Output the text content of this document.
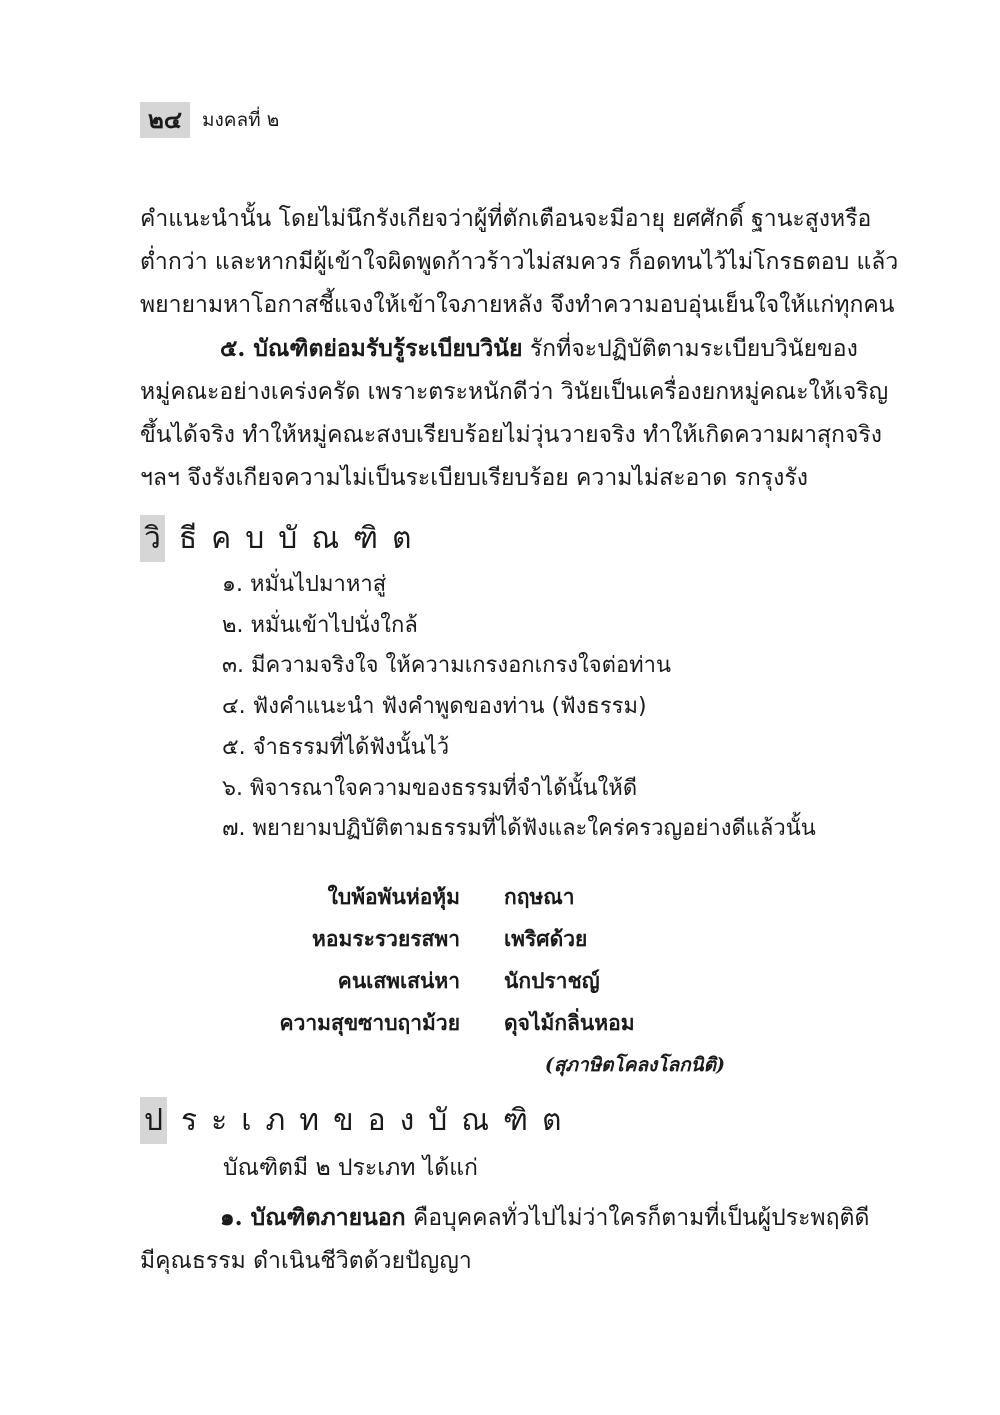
๒๔	มงคลที่ ๒

คำแนะนำนั้น โดยไม่นึกรังเกียจว่าผู้ที่ตักเตือนจะมีอายุ ยศศักดิ์ ฐานะสูงหรือ
ต่ำกว่า และหากมีผู้เข้าใจผิดพูดก้าวร้าวไม่สมควร ก็อดทนไว้ไม่โกรธตอบ แล้ว
พยายามหาโอกาสชี้แจงให้เข้าใจภายหลัง จึงทำความอบอุ่นเย็นใจให้แก่ทุกคน

๕. บัณฑิตย่อมรับรู้ระเบียบวินัย รักที่จะปฏิบัติตามระเบียบวินัยของ
หมู่คณะอย่างเคร่งครัด เพราะตระหนักดีว่า วินัยเป็นเครื่องยกหมู่คณะให้เจริญ
ขึ้นได้จริง ทำให้หมู่คณะสงบเรียบร้อยไม่วุ่นวายจริง ทำให้เกิดความผาสุกจริง
ฯลฯ จึงรังเกียจความไม่เป็นระเบียบเรียบร้อย ความไม่สะอาด รกรุงรัง

วิ ธีคบบัณฑิต
๑. หมั่นไปมาหาสู่
๒. หมั่นเข้าไปนั่งใกล้
๓. มีความจริงใจ ให้ความเกรงอกเกรงใจต่อท่าน
๔. ฟังคำแนะนำ ฟังคำพูดของท่าน (ฟังธรรม)
๕. จำธรรมที่ได้ฟังนั้นไว้
๖. พิจารณาใจความของธรรมที่จำได้นั้นให้ดี
๗. พยายามปฏิบัติตามธรรมที่ได้ฟังและใคร่ครวญอย่างดีแล้วนั้น
ใบพ้อพันห่อหุ้ม กฤษณา
หอมระรวยรสพา เพริศด้วย
คนเสพเสน่หา นักปราชญ์
ความสุขซาบฤาม้วย ดุจไม้กลิ่นหอม
(สุภาษิตโคลงโลกนิติ)
ป ระเภทของบัณฑิต

บัณฑิตมี ๒ ประเภท ได้แก่

๑. บัณฑิตภายนอก คือบุคคลทั่วไปไม่ว่าใครก็ตามที่เป็นผู้ประพฤติดี
มีคุณธรรม ดำเนินชีวิตด้วยปัญญา
